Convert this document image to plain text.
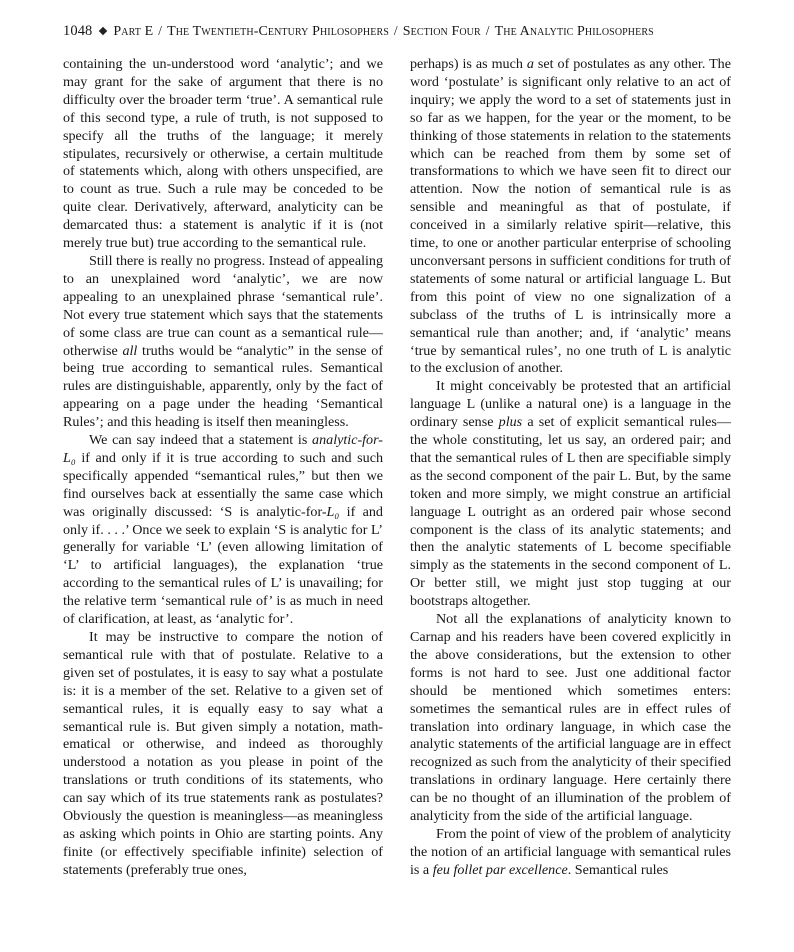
1048 Part E / The Twentieth-Century Philosophers / Section Four / The Analytic Philosophers

containing the un-understood word ‘analytic’; and we may grant for the sake of argument that there is no difficulty over the broader term ‘true’. A semantical rule of this second type, a rule of truth, is not supposed to specify all the truths of the language; it merely stipulates, recursively or otherwise, a certain multitude of statements which, along with others unspecified, are to count as true. Such a rule may be conceded to be quite clear. Derivatively, afterward, analyticity can be demarcated thus: a statement is analytic if it is (not merely true but) true according to the semantical rule.

Still there is really no progress. Instead of appealing to an unexplained word ‘analytic’, we are now appealing to an unexplained phrase ‘semantical rule’. Not every true statement which says that the statements of some class are true can count as a semantical rule—otherwise all truths would be “analytic” in the sense of being true according to semantical rules. Semantical rules are distinguishable, apparently, only by the fact of appearing on a page under the heading ‘Semantical Rules’; and this heading is itself then meaningless.

We can say indeed that a statement is analytic-for-L₀ if and only if it is true according to such and such specifically appended “semantical rules,” but then we find ourselves back at essentially the same case which was originally discussed: ‘S is analytic-for-L₀ if and only if. . . .’ Once we seek to explain ‘S is analytic for L’ generally for variable ‘L’ (even allowing limitation of ‘L’ to artificial languages), the explanation ‘true according to the semantical rules of L’ is unavailing; for the relative term ‘semantical rule of’ is as much in need of clarification, at least, as ‘analytic for’.

It may be instructive to compare the notion of semantical rule with that of postulate. Relative to a given set of postulates, it is easy to say what a postulate is: it is a member of the set. Relative to a given set of semantical rules, it is equally easy to say what a semantical rule is. But given simply a notation, mathematical or otherwise, and indeed as thoroughly understood a notation as you please in point of the translations or truth conditions of its statements, who can say which of its true statements rank as postulates? Obviously the question is meaningless—as meaningless as asking which points in Ohio are starting points. Any finite (or effectively specifiable infinite) selection of statements (preferably true ones,

perhaps) is as much a set of postulates as any other. The word ‘postulate’ is significant only relative to an act of inquiry; we apply the word to a set of statements just in so far as we happen, for the year or the moment, to be thinking of those statements in relation to the statements which can be reached from them by some set of transformations to which we have seen fit to direct our attention. Now the notion of semantical rule is as sensible and meaningful as that of postulate, if conceived in a similarly relative spirit—relative, this time, to one or another particular enterprise of schooling unconversant persons in sufficient conditions for truth of statements of some natural or artificial language L. But from this point of view no one signalization of a subclass of the truths of L is intrinsically more a semantical rule than another; and, if ‘analytic’ means ‘true by semantical rules’, no one truth of L is analytic to the exclusion of another.

It might conceivably be protested that an artificial language L (unlike a natural one) is a language in the ordinary sense plus a set of explicit semantical rules—the whole constituting, let us say, an ordered pair; and that the semantical rules of L then are specifiable simply as the second component of the pair L. But, by the same token and more simply, we might construe an artificial language L outright as an ordered pair whose second component is the class of its analytic statements; and then the analytic statements of L become specifiable simply as the statements in the second component of L. Or better still, we might just stop tugging at our bootstraps altogether.

Not all the explanations of analyticity known to Carnap and his readers have been covered explicitly in the above considerations, but the extension to other forms is not hard to see. Just one additional factor should be mentioned which sometimes enters: sometimes the semantical rules are in effect rules of translation into ordinary language, in which case the analytic statements of the artificial language are in effect recognized as such from the analyticity of their specified translations in ordinary language. Here certainly there can be no thought of an illumination of the problem of analyticity from the side of the artificial language.

From the point of view of the problem of analyticity the notion of an artificial language with semantical rules is a feu follet par excellence. Semantical rules
